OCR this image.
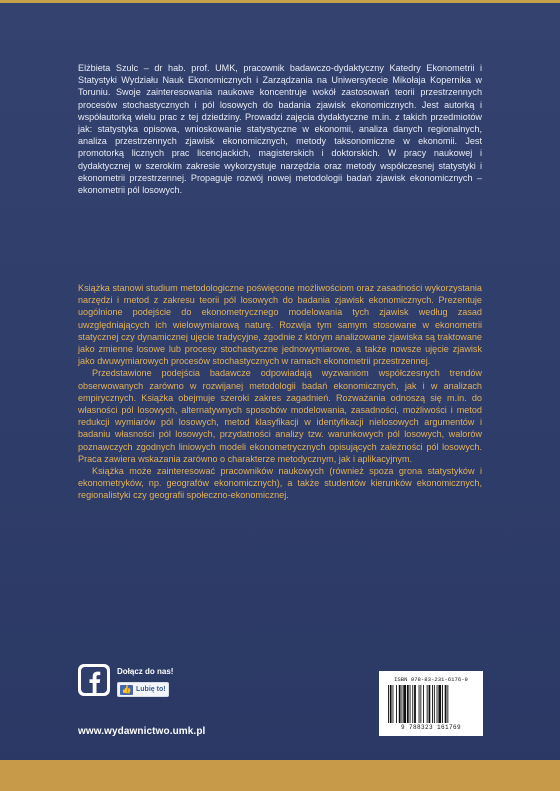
Elżbieta Szulc – dr hab. prof. UMK, pracownik badawczo-dydaktyczny Katedry Ekonometrii i Statystyki Wydziału Nauk Ekonomicznych i Zarządzania na Uniwersytecie Mikołaja Kopernika w Toruniu. Swoje zainteresowania naukowe koncentruje wokół zastosowań teorii przestrzennych procesów stochastycznych i pól losowych do badania zjawisk ekonomicznych. Jest autorką i współautorką wielu prac z tej dziedziny. Prowadzi zajęcia dydaktyczne m.in. z takich przedmiotów jak: statystyka opisowa, wnioskowanie statystyczne w ekonomii, analiza danych regionalnych, analiza przestrzennych zjawisk ekonomicznych, metody taksonomiczne w ekonomii. Jest promotorką licznych prac licencjackich, magisterskich i doktorskich. W pracy naukowej i dydaktycznej w szerokim zakresie wykorzystuje narzędzia oraz metody współczesnej statystyki i ekonometrii przestrzennej. Propaguje rozwój nowej metodologii badań zjawisk ekonomicznych – ekonometrii pól losowych.

Książka stanowi studium metodologiczne poświęcone możliwościom oraz zasadności wykorzystania narzędzi i metod z zakresu teorii pól losowych do badania zjawisk ekonomicznych. Prezentuje uogólnione podejście do ekonometrycznego modelowania tych zjawisk według zasad uwzględniających ich wielowymiarową naturę. Rozwija tym samym stosowane w ekonometrii statycznej czy dynamicznej ujęcie tradycyjne, zgodnie z którym analizowane zjawiska są traktowane jako zmienne losowe lub procesy stochastyczne jednowymiarowe, a także nowsze ujęcie zjawisk jako dwuwymiarowych procesów stochastycznych w ramach ekonometrii przestrzennej.

Przedstawione podejścia badawcze odpowiadają wyzwaniom współczesnych trendów obserwowanych zarówno w rozwijanej metodologii badań ekonomicznych, jak i w analizach empirycznych. Książka obejmuje szeroki zakres zagadnień. Rozważania odnoszą się m.in. do własności pól losowych, alternatywnych sposobów modelowania, zasadności, możliwości i metod redukcji wymiarów pól losowych, metod klasyfikacji w identyfikacji nielosowych argumentów i badaniu własności pól losowych, przydatności analizy tzw. warunkowych pól losowych, walorów poznawczych zgodnych liniowych modeli ekonometrycznych opisujących zależności pól losowych. Praca zawiera wskazania zarówno o charakterze metodycznym, jak i aplikacyjnym.

Książka może zainteresować pracowników naukowych (również spoza grona statystyków i ekonometryków, np. geografów ekonomicznych), a także studentów kierunków ekonomicznych, regionalistyki czy geografii społeczno-ekonomicznej.

Dołącz do nas!
👍 Lubię to!
www.wydawnictwo.umk.pl
ISBN 978-83-231-6176-9
9 788323 161769
